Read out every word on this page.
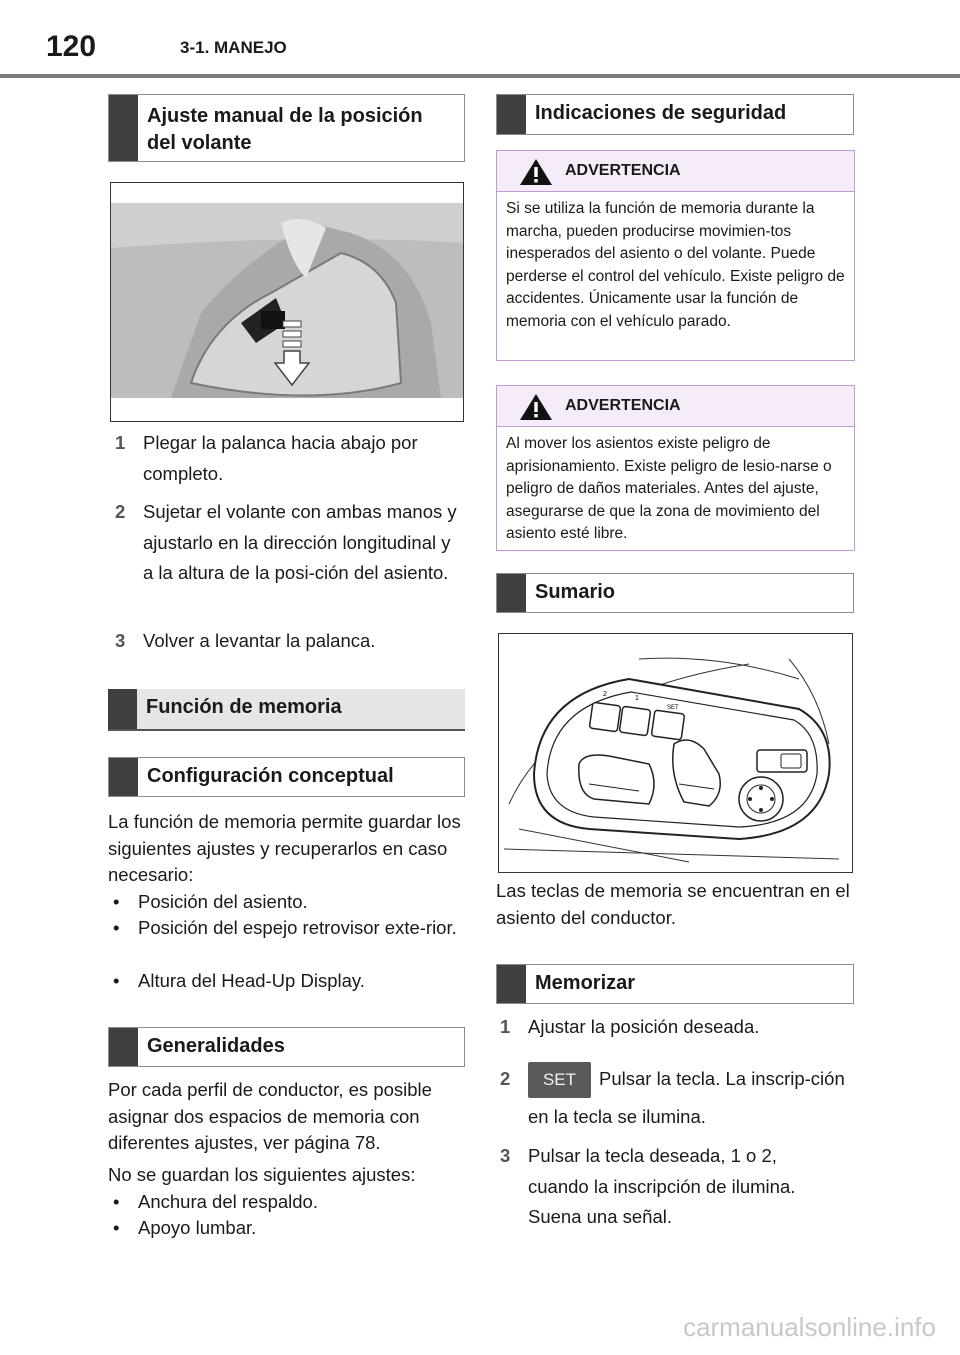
120	3-1. MANEJO
Ajuste manual de la posición del volante
1 Plegar la palanca hacia abajo por completo.
2 Sujetar el volante con ambas manos y ajustarlo en la dirección longitudinal y a la altura de la posi-ción del asiento.
3 Volver a levantar la palanca.
Función de memoria
Configuración conceptual
La función de memoria permite guardar los siguientes ajustes y recuperarlos en caso necesario:
• Posición del asiento.
• Posición del espejo retrovisor exte-rior.
• Altura del Head-Up Display.
Generalidades
Por cada perfil de conductor, es posible asignar dos espacios de memoria con diferentes ajustes, ver página 78.
No se guardan los siguientes ajustes:
• Anchura del respaldo.
• Apoyo lumbar.
Indicaciones de seguridad
ADVERTENCIA
Si se utiliza la función de memoria durante la marcha, pueden producirse movimien-tos inesperados del asiento o del volante. Puede perderse el control del vehículo. Existe peligro de accidentes. Únicamente usar la función de memoria con el vehículo parado.
ADVERTENCIA
Al mover los asientos existe peligro de aprisionamiento. Existe peligro de lesio-narse o peligro de daños materiales. Antes del ajuste, asegurarse de que la zona de movimiento del asiento esté libre.
Sumario
2
1
SET
Las teclas de memoria se encuentran en el asiento del conductor.
Memorizar
1 Ajustar la posición deseada.
2	SET Pulsar la tecla. La inscrip-ción en la tecla se ilumina.
3 Pulsar la tecla deseada, 1 o 2, cuando la inscripción de ilumina. Suena una señal.
carmanualsonline.info
